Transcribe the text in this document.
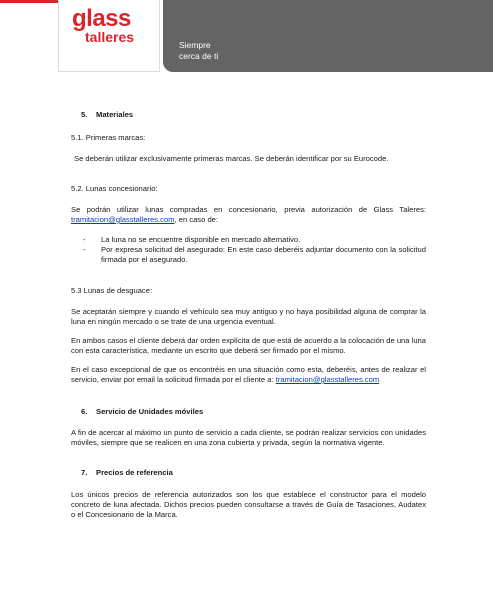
glass
talleres	Siempre
cerca de ti
5. Materiales

5.1. Primeras marcas:

Se deberán utilizar exclusivamente primeras marcas. Se deberán identificar por su Eurocode.

5.2. Lunas concesionario:

Se podrán utilizar lunas compradas en concesionario, previa autorización de Glass Taleres: tramitacion@glasstalleres.com, en caso de:

- La luna no se encuentre disponible en mercado alternativo.
- Por expresa solicitud del asegurado: En este caso deberéis adjuntar documento con la solicitud firmada por el asegurado.

5.3 Lunas de desguace:

Se aceptarán siempre y cuando el vehículo sea muy antiguo y no haya posibilidad alguna de comprar la luna en ningún mercado o se trate de una urgencia eventual.

En ambos casos el cliente deberá dar orden explícita de que está de acuerdo a la colocación de una luna con esta característica, mediante un escrito que deberá ser firmado por el mismo.

En el caso excepcional de que os encontréis en una situación como esta, deberéis, antes de realizar el servicio, enviar por email la solicitud firmada por el cliente a: tramitacion@glasstalleres.com

6. Servicio de Unidades móviles

A fin de acercar al máximo un punto de servicio a cada cliente, se podrán realizar servicios con unidades móviles, siempre que se realicen en una zona cubierta y privada, según la normativa vigente.

7. Precios de referencia

Los únicos precios de referencia autorizados son los que establece el constructor para el modelo concreto de luna afectada. Dichos precios pueden consultarse a través de Guía de Tasaciones, Audatex o el Concesionario de la Marca.
